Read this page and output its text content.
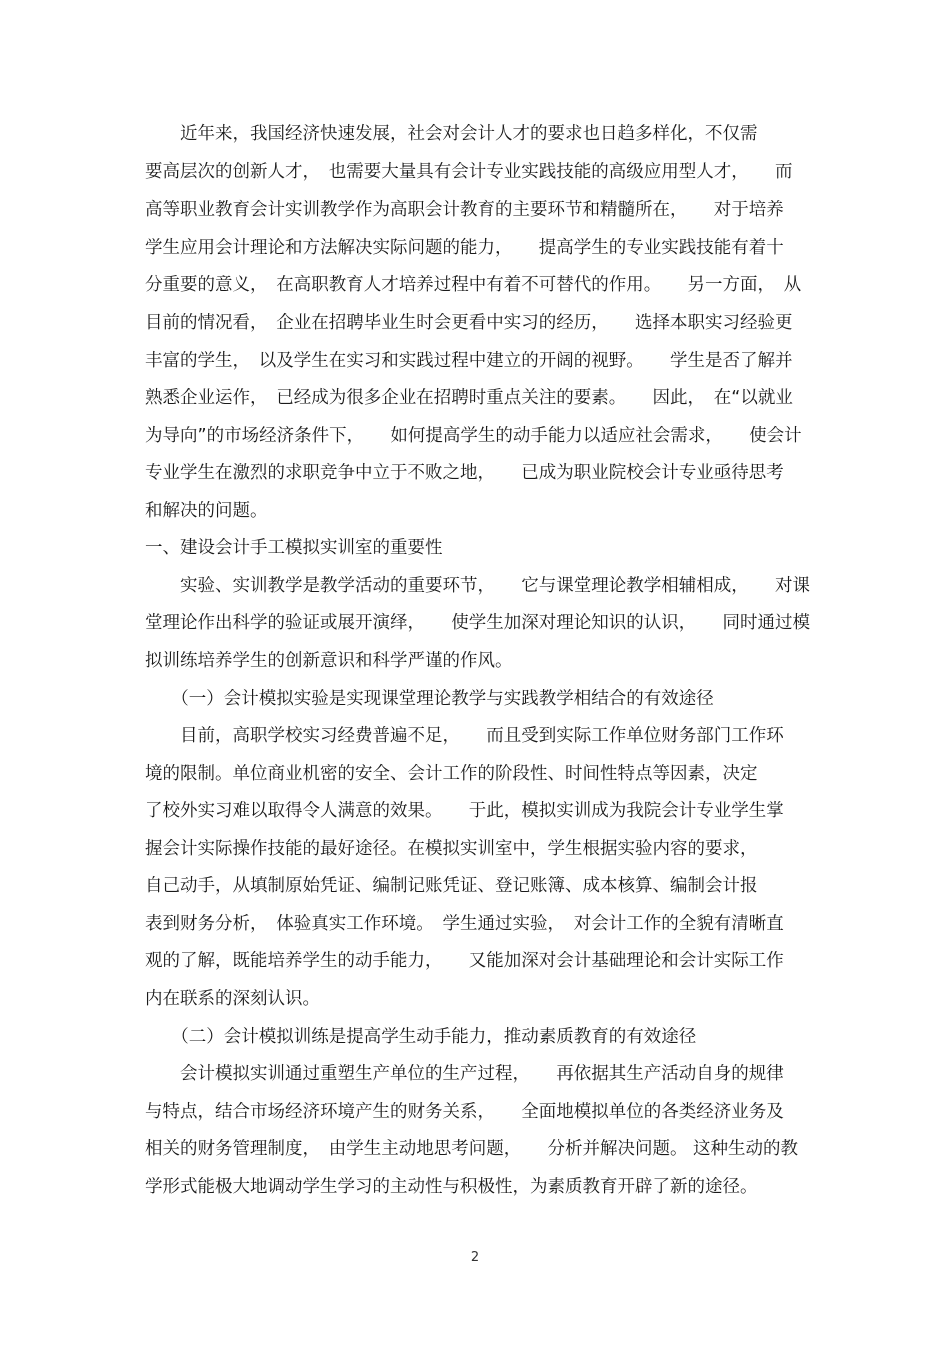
　　近年来，我国经济快速发展，社会对会计人才的要求也日趋多样化，不仅需
要高层次的创新人才，　也需要大量具有会计专业实践技能的高级应用型人才，　　而
高等职业教育会计实训教学作为高职会计教育的主要环节和精髓所在，　　对于培养
学生应用会计理论和方法解决实际问题的能力，　　提高学生的专业实践技能有着十
分重要的意义，　在高职教育人才培养过程中有着不可替代的作用。　　另一方面，　从
目前的情况看，　企业在招聘毕业生时会更看中实习的经历，　　选择本职实习经验更
丰富的学生，　以及学生在实习和实践过程中建立的开阔的视野。　　学生是否了解并
熟悉企业运作，　已经成为很多企业在招聘时重点关注的要素。　　因此，　在“以就业
为导向”的市场经济条件下，　　如何提高学生的动手能力以适应社会需求，　　使会计
专业学生在激烈的求职竞争中立于不败之地，　　已成为职业院校会计专业亟待思考
和解决的问题。
一、建设会计手工模拟实训室的重要性
　　实验、实训教学是教学活动的重要环节，　　它与课堂理论教学相辅相成，　　对课
堂理论作出科学的验证或展开演绎，　　使学生加深对理论知识的认识，　　同时通过模
拟训练培养学生的创新意识和科学严谨的作风。
　　（一）会计模拟实验是实现课堂理论教学与实践教学相结合的有效途径
　　目前，高职学校实习经费普遍不足，　　而且受到实际工作单位财务部门工作环
境的限制。单位商业机密的安全、会计工作的阶段性、时间性特点等因素，决定
了校外实习难以取得令人满意的效果。　　于此，模拟实训成为我院会计专业学生掌
握会计实际操作技能的最好途径。在模拟实训室中，学生根据实验内容的要求，
自己动手，从填制原始凭证、编制记账凭证、登记账簿、成本核算、编制会计报
表到财务分析，　体验真实工作环境。　学生通过实验，　对会计工作的全貌有清晰直
观的了解，既能培养学生的动手能力，　　又能加深对会计基础理论和会计实际工作
内在联系的深刻认识。
　　（二）会计模拟训练是提高学生动手能力，推动素质教育的有效途径
　　会计模拟实训通过重塑生产单位的生产过程，　　再依据其生产活动自身的规律
与特点，结合市场经济环境产生的财务关系，　　全面地模拟单位的各类经济业务及
相关的财务管理制度，　由学生主动地思考问题，　　分析并解决问题。 这种生动的教
学形式能极大地调动学生学习的主动性与积极性，为素质教育开辟了新的途径。
2
